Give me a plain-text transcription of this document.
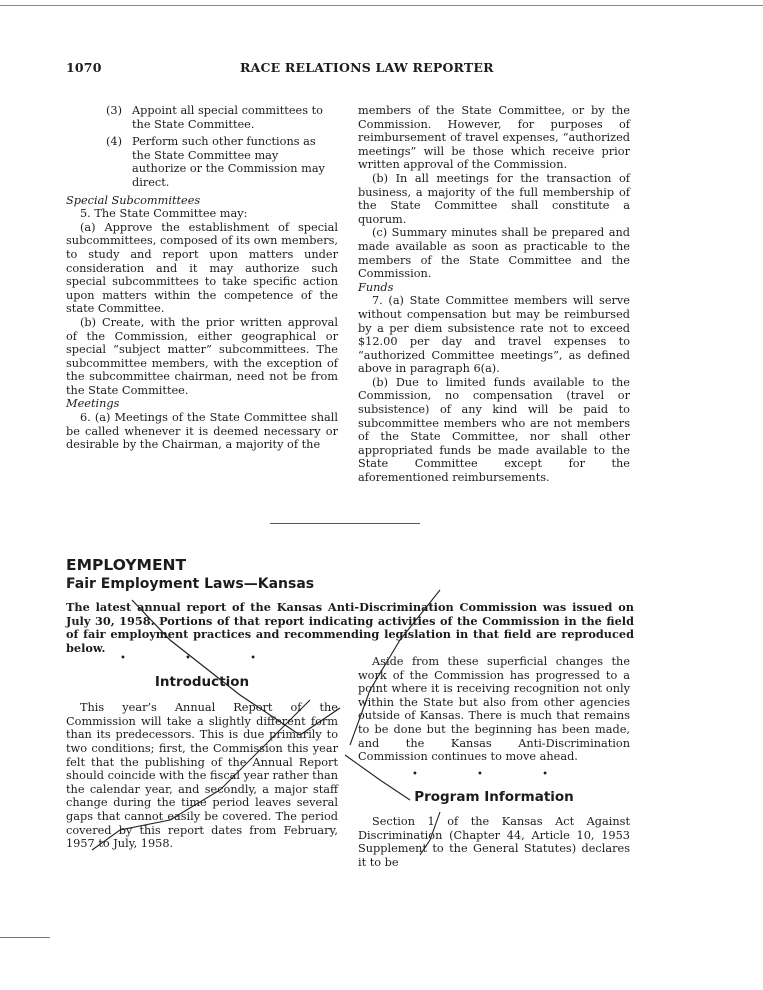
1070	RACE RELATIONS LAW REPORTER
(3) Appoint all special committees to the State Committee.
(4) Perform such other functions as the State Committee may authorize or the Commission may direct.

Special Subcommittees

5. The State Committee may:

(a) Approve the establishment of special subcommittees, composed of its own members, to study and report upon matters under consideration and it may authorize such special subcommittees to take specific action upon matters within the competence of the state Committee.

(b) Create, with the prior written approval of the Commission, either geographical or special “subject matter” subcommittees. The subcommittee members, with the exception of the subcommittee chairman, need not be from the State Committee.

Meetings

6. (a) Meetings of the State Committee shall be called whenever it is deemed necessary or desirable by the Chairman, a majority of the

members of the State Committee, or by the Commission. However, for purposes of reimbursement of travel expenses, “authorized meetings” will be those which receive prior written approval of the Commission.

(b) In all meetings for the transaction of business, a majority of the full membership of the State Committee shall constitute a quorum.

(c) Summary minutes shall be prepared and made available as soon as practicable to the members of the State Committee and the Commission.

Funds

7. (a) State Committee members will serve without compensation but may be reimbursed by a per diem subsistence rate not to exceed $12.00 per day and travel expenses to “authorized Committee meetings”, as defined above in paragraph 6(a).

(b) Due to limited funds available to the Commission, no compensation (travel or subsistence) of any kind will be paid to subcommittee members who are not members of the State Committee, nor shall other appropriated funds be made available to the State Committee except for the aforementioned reimbursements.

EMPLOYMENT
Fair Employment Laws—Kansas

The latest annual report of the Kansas Anti-Discrimination Commission was issued on July 30, 1958. Portions of that report indicating activities of the Commission in the field of fair employment practices and recommending legislation in that field are reproduced below.

• • •
Introduction

This year’s Annual Report of the Commission will take a slightly different form than its predecessors. This is due primarily to two conditions; first, the Commission this year felt that the publishing of the Annual Report should coincide with the fiscal year rather than the calendar year, and secondly, a major staff change during the time period leaves several gaps that cannot easily be covered. The period covered by this report dates from February, 1957 to July, 1958.

Aside from these superficial changes the work of the Commission has progressed to a point where it is receiving recognition not only within the State but also from other agencies outside of Kansas. There is much that remains to be done but the beginning has been made, and the Kansas Anti-Discrimination Commission continues to move ahead.

• • •
Program Information

Section 1 of the Kansas Act Against Discrimination (Chapter 44, Article 10, 1953 Supplement to the General Statutes) declares it to be
